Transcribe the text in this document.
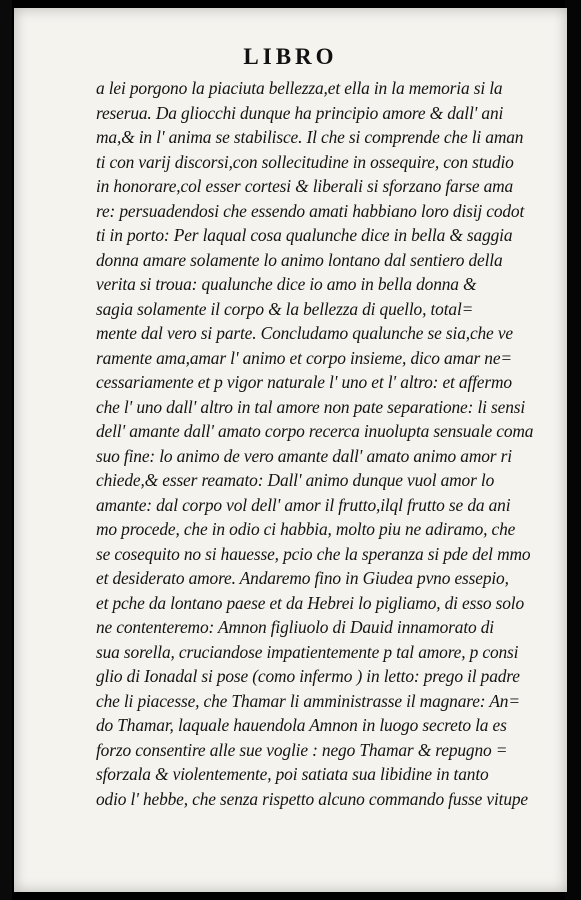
LIBRO
a lei porgono la piaciuta bellezza,et ella in la memoria si la
reserua. Da gliocchi dunque ha principio amore & dall' ani
ma,& in l' anima se stabilisce. Il che si comprende che li aman
ti con varij discorsi,con sollecitudine in ossequire, con studio
in honorare,col esser cortesi & liberali si sforzano farse ama
re: persuadendosi che essendo amati habbiano loro disij codot
ti in porto: Per laqual cosa qualunche dice in bella & saggia
donna amare solamente lo animo lontano dal sentiero della
verita si troua: qualunche dice io amo in bella donna &
sagia solamente il corpo & la bellezza di quello, total=
mente dal vero si parte. Concludamo qualunche se sia,che ve
ramente ama,amar l' animo et corpo insieme, dico amar ne=
cessariamente et p vigor naturale l' uno et l' altro: et affermo
che l' uno dall' altro in tal amore non pate separatione: li sensi
dell' amante dall' amato corpo recerca inuolupta sensuale coma
suo fine: lo animo de vero amante dall' amato animo amor ri
chiede,& esser reamato: Dall' animo dunque vuol amor lo
amante: dal corpo vol dell' amor il frutto,ilql frutto se da ani
mo procede, che in odio ci habbia, molto piu ne adiramo, che
se cosequito no si hauesse, pcio che la speranza si pde del mmo
et desiderato amore. Andaremo fino in Giudea pvno essepio,
et pche da lontano paese et da Hebrei lo pigliamo, di esso solo
ne contenteremo: Amnon figliuolo di Dauid innamorato di
sua sorella, cruciandose impatientemente p tal amore, p consi
glio di Ionadal si pose (como infermo ) in letto: prego il padre
che li piacesse, che Thamar li amministrasse il magnare: An=
do Thamar, laquale hauendola Amnon in luogo secreto la es
forzo consentire alle sue voglie : nego Thamar & repugno =
sforzala & violentemente, poi satiata sua libidine in tanto
odio l' hebbe, che senza rispetto alcuno commando fusse vitupe
